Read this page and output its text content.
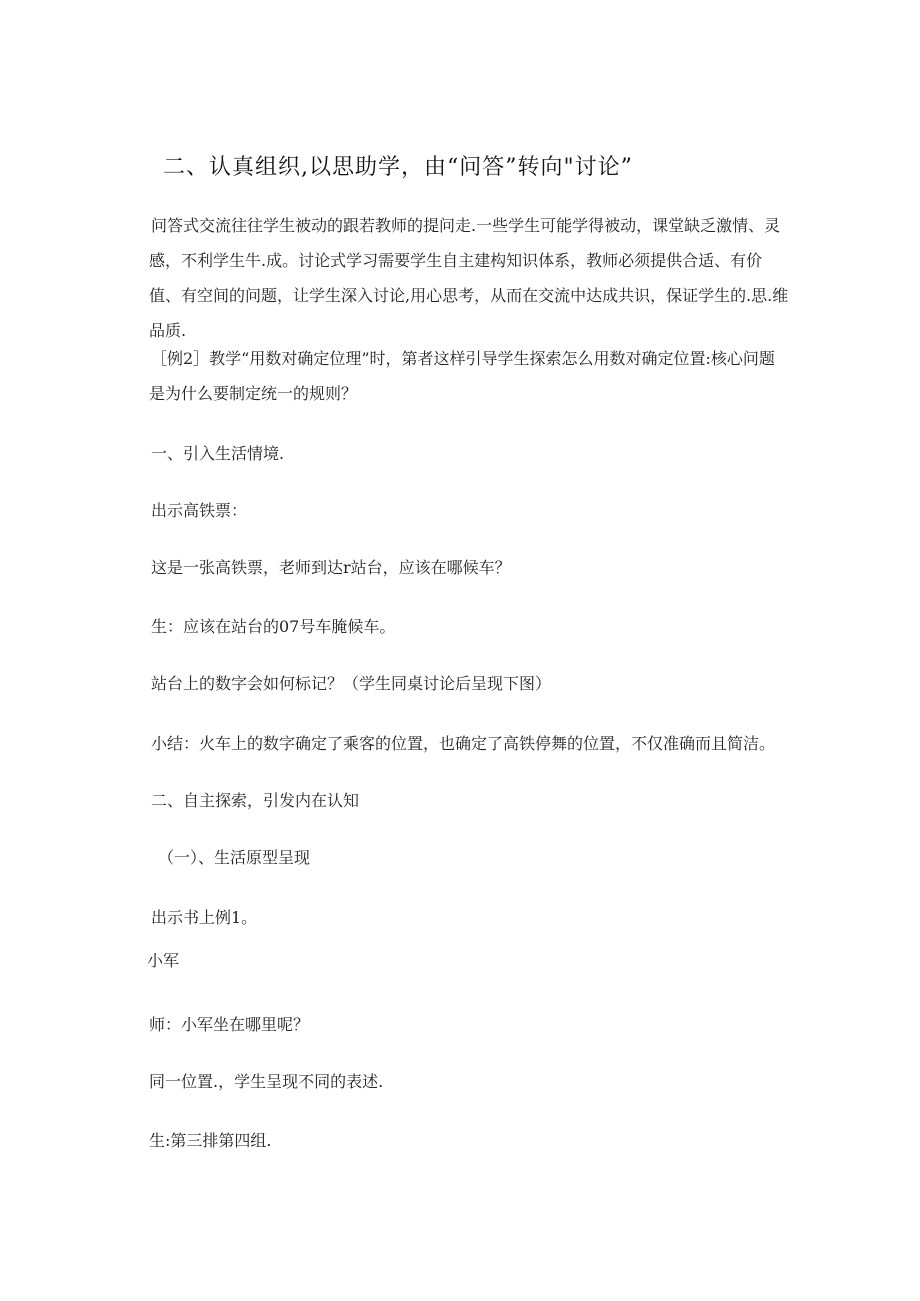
二、认真组织,以思助学，由“问答”转向"讨论”
问答式交流往往学生被动的跟若教师的提问走.一些学生可能学得被动，课堂缺乏激情、灵感，不利学生牛.成。讨论式学习需要学生自主建构知识体系，教师必须提供合适、有价值、有空间的问题，让学生深入讨论,用心思考，从而在交流中达成共识，保证学生的.思.维品质.
［例2］教学“用数对确定位理”时，第者这样引导学生探索怎么用数对确定位置:核心问题是为什么要制定统一的规则？
一、引入生活情境.
出示高铁票：
这是一张高铁票，老师到达r站台，应该在哪候车？
生：应该在站台的07号车腌候车。
站台上的数字会如何标记？（学生同桌讨论后呈现下图）
小结：火车上的数字确定了乘客的位置，也确定了高铁停舞的位置，不仅准确而且简洁。
二、自主探索，引发内在认知
（一）、生活原型呈现
出示书上例1。
小军
师：小军坐在哪里呢？
同一位置.，学生呈现不同的表述.
生:第三排第四组.
